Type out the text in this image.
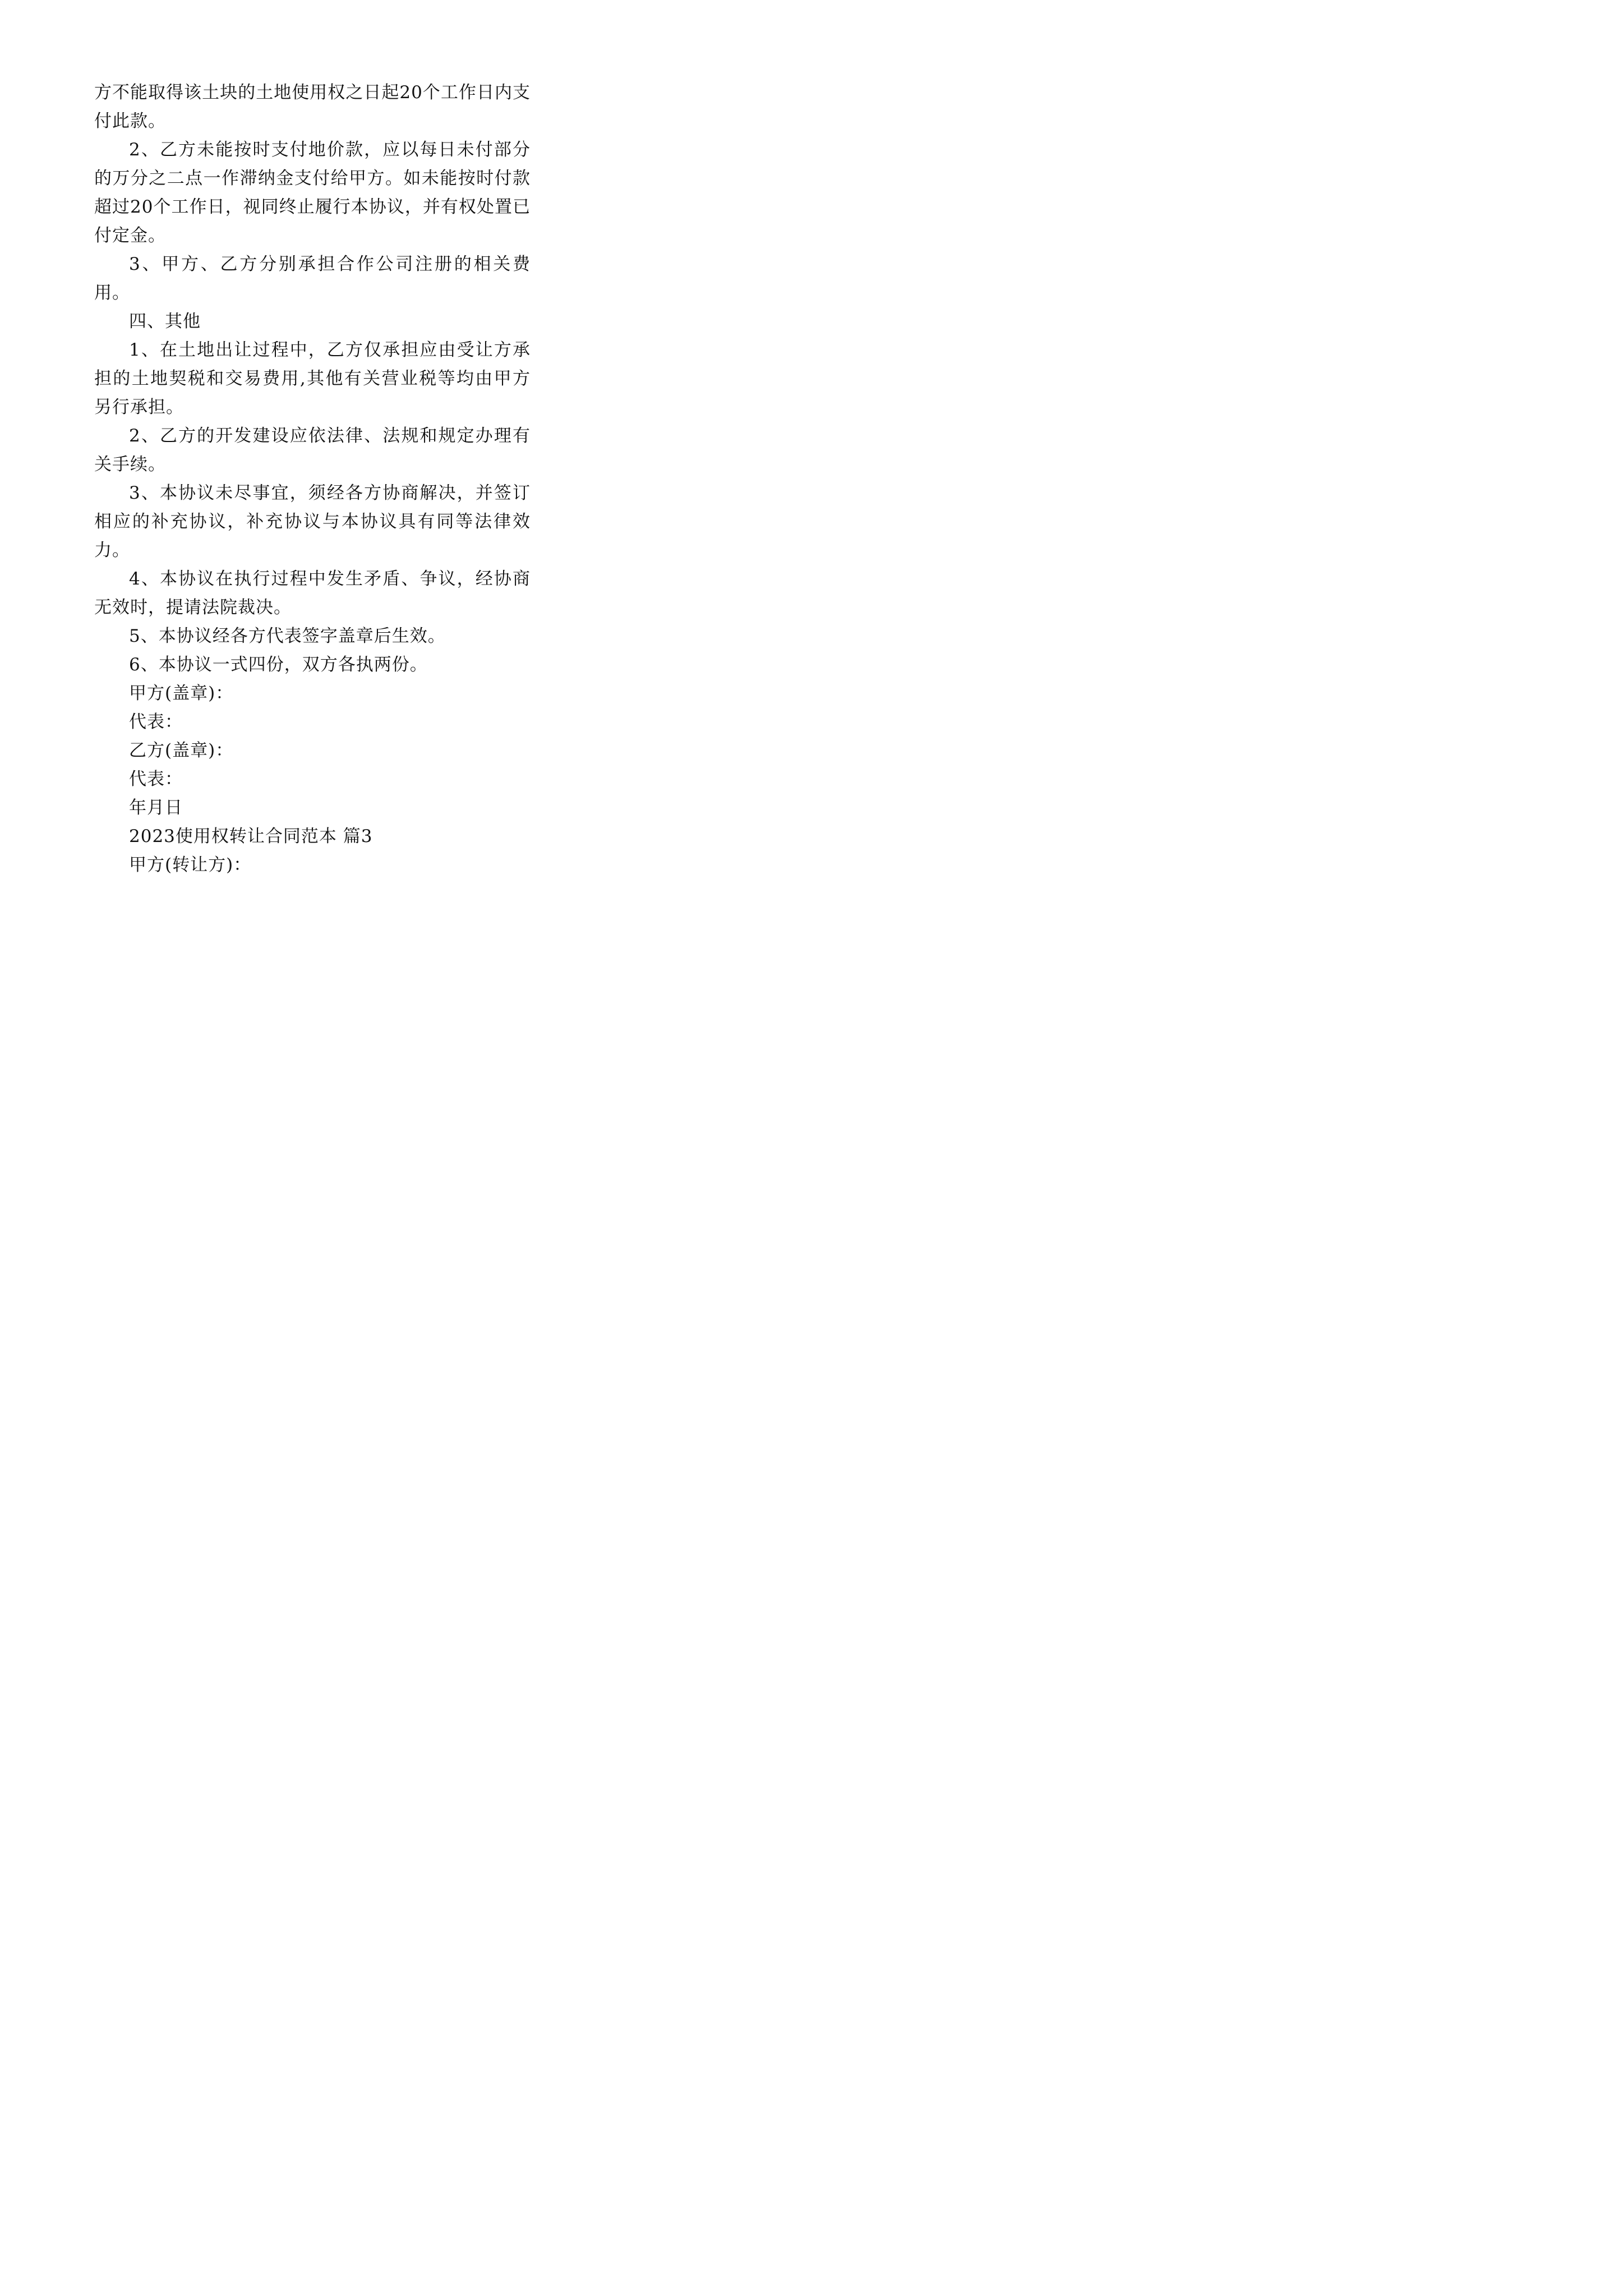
方不能取得该土块的土地使用权之日起20个工作日内支付此款。

2、乙方未能按时支付地价款，应以每日未付部分的万分之二点一作滞纳金支付给甲方。如未能按时付款超过20个工作日，视同终止履行本协议，并有权处置已付定金。

3、甲方、乙方分别承担合作公司注册的相关费用。

四、其他

1、在土地出让过程中，乙方仅承担应由受让方承担的土地契税和交易费用,其他有关营业税等均由甲方另行承担。

2、乙方的开发建设应依法律、法规和规定办理有关手续。

3、本协议未尽事宜，须经各方协商解决，并签订相应的补充协议，补充协议与本协议具有同等法律效力。

4、本协议在执行过程中发生矛盾、争议，经协商无效时，提请法院裁决。

5、本协议经各方代表签字盖章后生效。

6、本协议一式四份，双方各执两份。

甲方(盖章)：

代表：

乙方(盖章)：

代表：

年月日

2023使用权转让合同范本 篇3

甲方(转让方)：
